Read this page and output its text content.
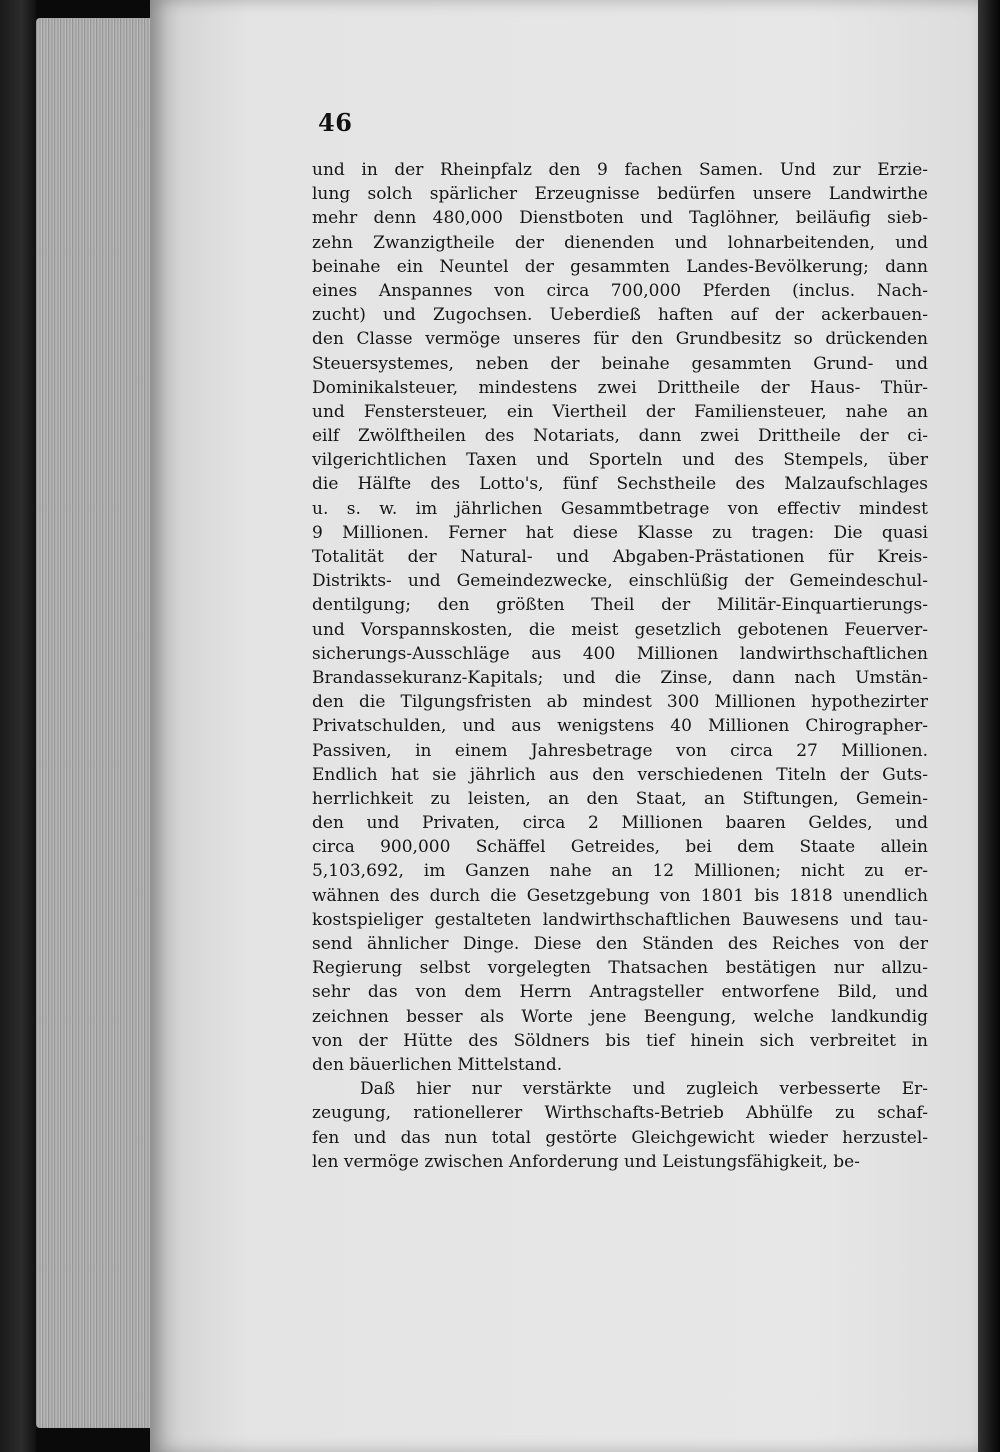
46
und in der Rheinpfalz den 9 fachen Samen. Und zur Erzie-
lung solch spärlicher Erzeugnisse bedürfen unsere Landwirthe
mehr denn 480,000 Dienstboten und Taglöhner, beiläufig sieb-
zehn Zwanzigtheile der dienenden und lohnarbeitenden, und
beinahe ein Neuntel der gesammten Landes-Bevölkerung; dann
eines Anspannes von circa 700,000 Pferden (inclus. Nach-
zucht) und Zugochsen. Ueberdieß haften auf der ackerbauen-
den Classe vermöge unseres für den Grundbesitz so drückenden
Steuersystemes, neben der beinahe gesammten Grund- und
Dominikalsteuer, mindestens zwei Drittheile der Haus- Thür-
und Fenstersteuer, ein Viertheil der Familiensteuer, nahe an
eilf Zwölftheilen des Notariats, dann zwei Drittheile der ci-
vilgerichtlichen Taxen und Sporteln und des Stempels, über
die Hälfte des Lotto's, fünf Sechstheile des Malzaufschlages
u. s. w. im jährlichen Gesammtbetrage von effectiv mindest
9 Millionen. Ferner hat diese Klasse zu tragen: Die quasi
Totalität der Natural- und Abgaben-Prästationen für Kreis-
Distrikts- und Gemeindezwecke, einschlüßig der Gemeindeschul-
dentilgung; den größten Theil der Militär-Einquartierungs-
und Vorspannskosten, die meist gesetzlich gebotenen Feuerver-
sicherungs-Ausschläge aus 400 Millionen landwirthschaftlichen
Brandassekuranz-Kapitals; und die Zinse, dann nach Umstän-
den die Tilgungsfristen ab mindest 300 Millionen hypothezirter
Privatschulden, und aus wenigstens 40 Millionen Chirographer-
Passiven, in einem Jahresbetrage von circa 27 Millionen.
Endlich hat sie jährlich aus den verschiedenen Titeln der Guts-
herrlichkeit zu leisten, an den Staat, an Stiftungen, Gemein-
den und Privaten, circa 2 Millionen baaren Geldes, und
circa 900,000 Schäffel Getreides, bei dem Staate allein
5,103,692, im Ganzen nahe an 12 Millionen; nicht zu er-
wähnen des durch die Gesetzgebung von 1801 bis 1818 unendlich
kostspieliger gestalteten landwirthschaftlichen Bauwesens und tau-
send ähnlicher Dinge. Diese den Ständen des Reiches von der
Regierung selbst vorgelegten Thatsachen bestätigen nur allzu-
sehr das von dem Herrn Antragsteller entworfene Bild, und
zeichnen besser als Worte jene Beengung, welche landkundig
von der Hütte des Söldners bis tief hinein sich verbreitet in
den bäuerlichen Mittelstand.
Daß hier nur verstärkte und zugleich verbesserte Er-
zeugung, rationellerer Wirthschafts-Betrieb Abhülfe zu schaf-
fen und das nun total gestörte Gleichgewicht wieder herzustel-
len vermöge zwischen Anforderung und Leistungsfähigkeit, be-
